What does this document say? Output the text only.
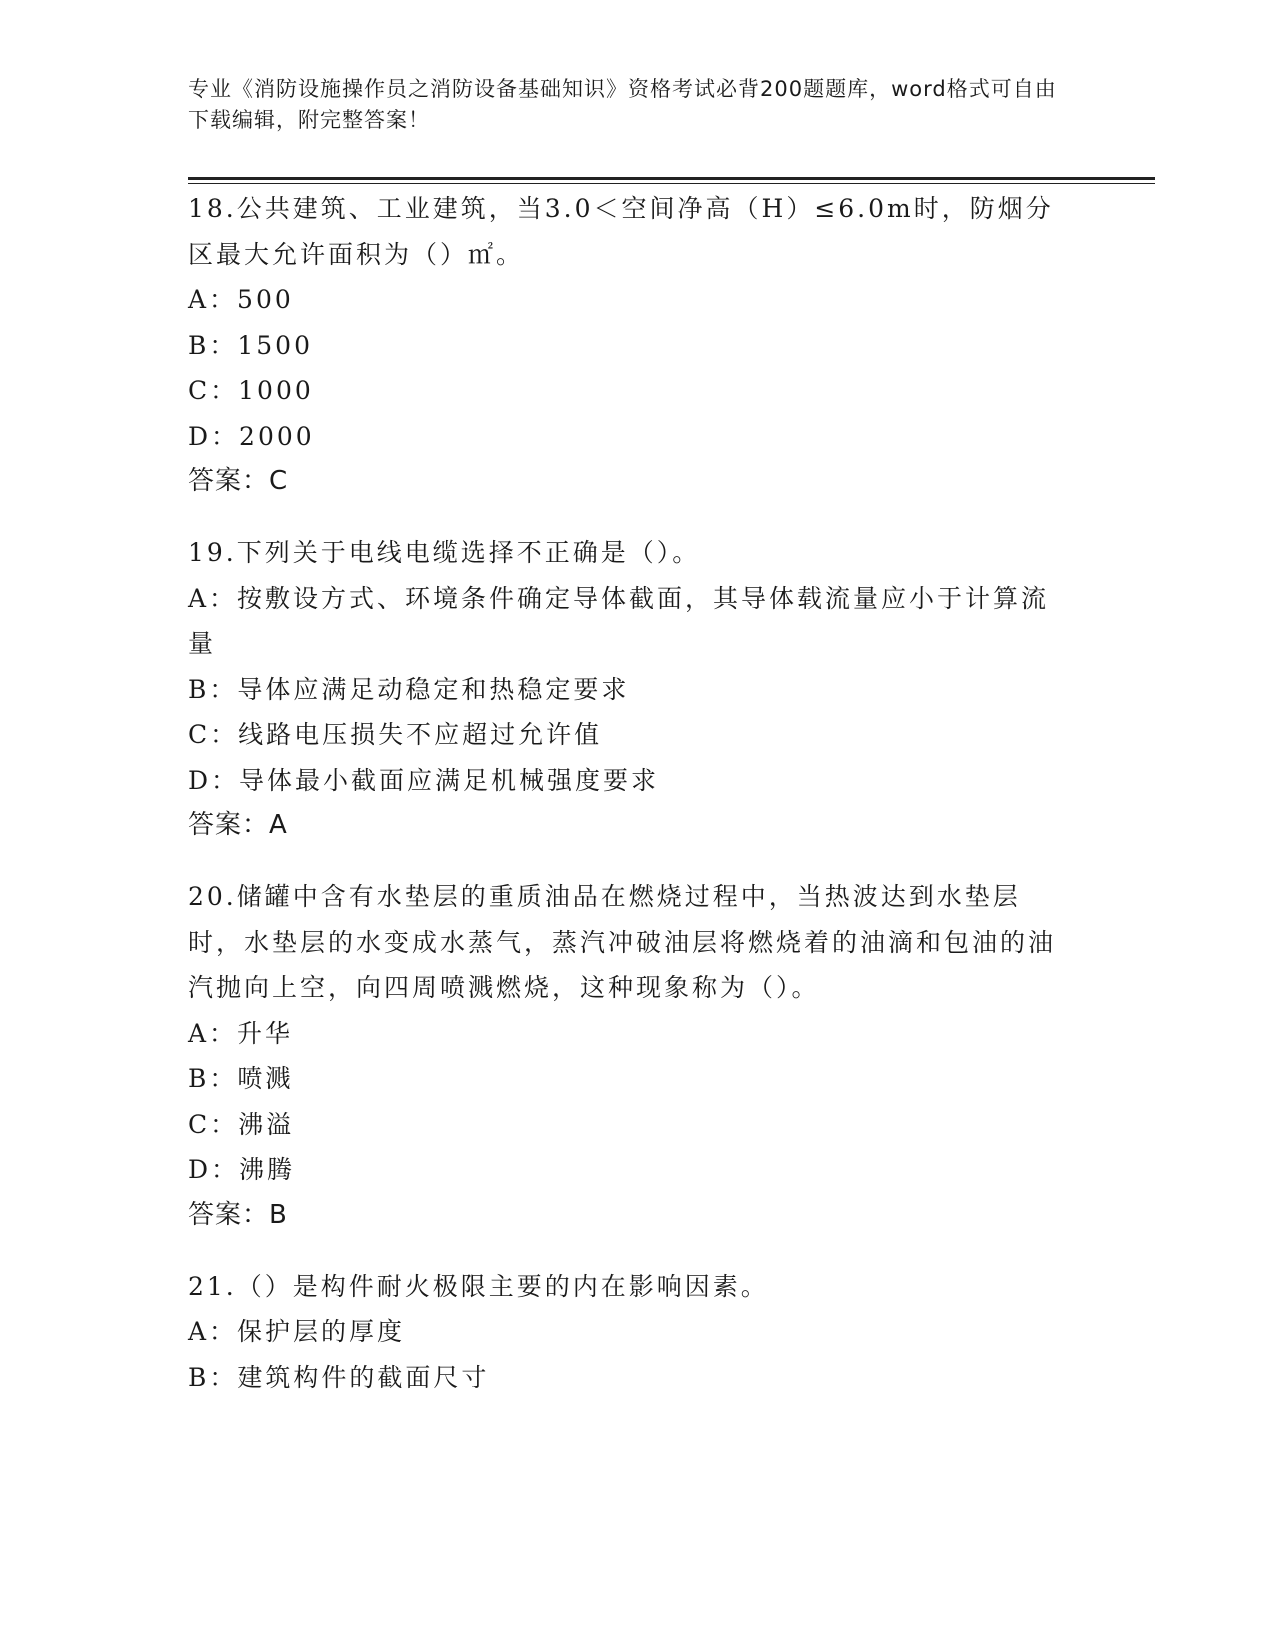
专业《消防设施操作员之消防设备基础知识》资格考试必背200题题库，word格式可自由下载编辑，附完整答案！
18.公共建筑、工业建筑，当3.0＜空间净高（H）≤6.0m时，防烟分区最大允许面积为（）㎡。
A：500
B：1500
C：1000
D：2000
答案：C
19.下列关于电线电缆选择不正确是（）。
A：按敷设方式、环境条件确定导体截面，其导体载流量应小于计算流量
B：导体应满足动稳定和热稳定要求
C：线路电压损失不应超过允许值
D：导体最小截面应满足机械强度要求
答案：A
20.储罐中含有水垫层的重质油品在燃烧过程中，当热波达到水垫层时，水垫层的水变成水蒸气，蒸汽冲破油层将燃烧着的油滴和包油的油汽抛向上空，向四周喷溅燃烧，这种现象称为（）。
A：升华
B：喷溅
C：沸溢
D：沸腾
答案：B
21.（）是构件耐火极限主要的内在影响因素。
A：保护层的厚度
B：建筑构件的截面尺寸
